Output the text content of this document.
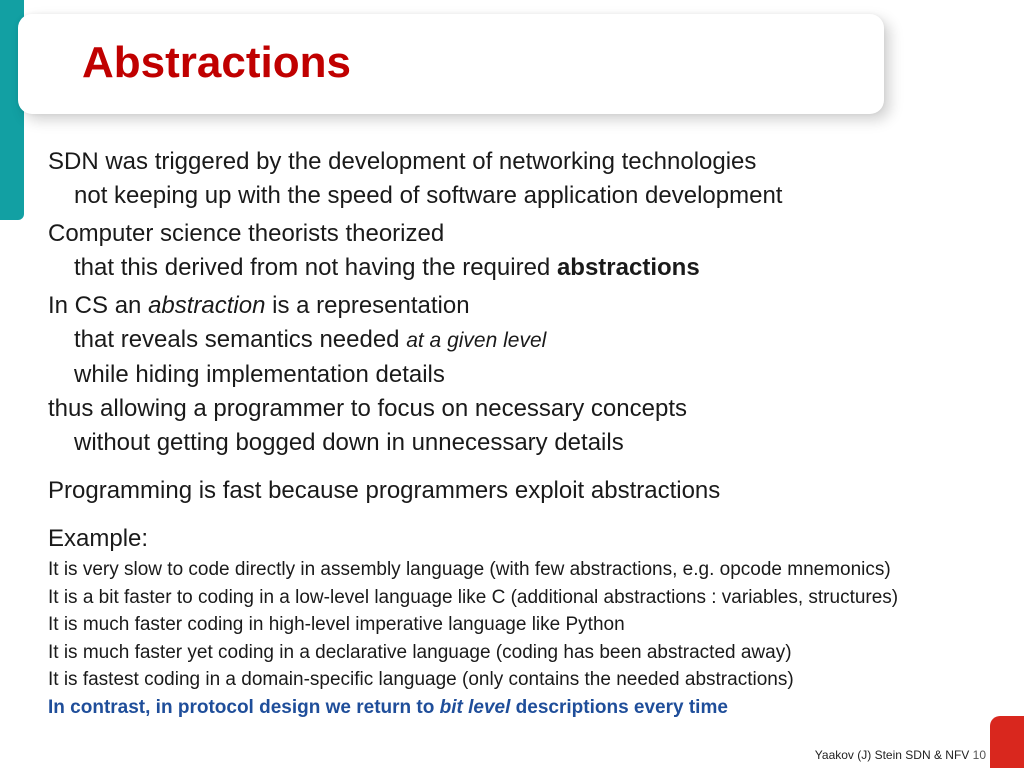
Abstractions
SDN was triggered by the development of networking technologies
not keeping up with the speed of software application development
Computer science theorists theorized
that this derived from not having the required abstractions
In CS an abstraction is a representation
that reveals semantics needed at a given level
while hiding implementation details
thus allowing a programmer to focus on necessary concepts
without getting bogged down in unnecessary details
Programming is fast because programmers exploit abstractions
Example:
It is very slow to code directly in assembly language (with few abstractions, e.g. opcode mnemonics)
It is a bit faster to coding in a low-level language like C (additional abstractions : variables, structures)
It is much faster coding in high-level imperative language like Python
It is much faster yet coding in a declarative language (coding has been abstracted away)
It is fastest coding in a domain-specific language (only contains the needed abstractions)
In contrast, in protocol design we return to bit level descriptions every time
Yaakov (J) Stein SDN & NFV 10
